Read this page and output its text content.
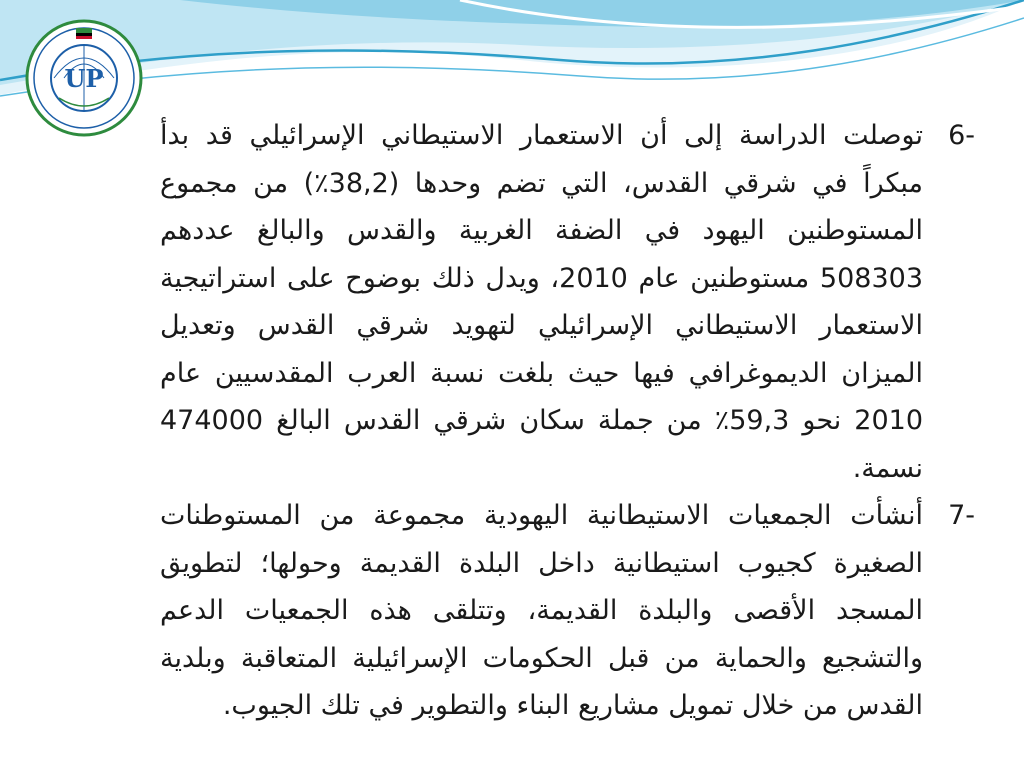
UP

6-
توصلت الدراسة إلى أن الاستعمار الاستيطاني الإسرائيلي قد بدأ مبكراً في شرقي القدس، التي تضم وحدها (38,2٪) من مجموع المستوطنين اليهود في الضفة الغربية والقدس والبالغ عددهم 508303 مستوطنين عام 2010، ويدل ذلك بوضوح على استراتيجية الاستعمار الاستيطاني الإسرائيلي لتهويد شرقي القدس وتعديل الميزان الديموغرافي فيها حيث بلغت نسبة العرب المقدسيين عام 2010 نحو 59,3٪ من جملة سكان شرقي القدس البالغ 474000 نسمة.

7-
أنشأت الجمعيات الاستيطانية اليهودية مجموعة من المستوطنات الصغيرة كجيوب استيطانية داخل البلدة القديمة وحولها؛ لتطويق المسجد الأقصى والبلدة القديمة، وتتلقى هذه الجمعيات الدعم والتشجيع والحماية من قبل الحكومات الإسرائيلية المتعاقبة وبلدية القدس من خلال تمويل مشاريع البناء والتطوير في تلك الجيوب.
